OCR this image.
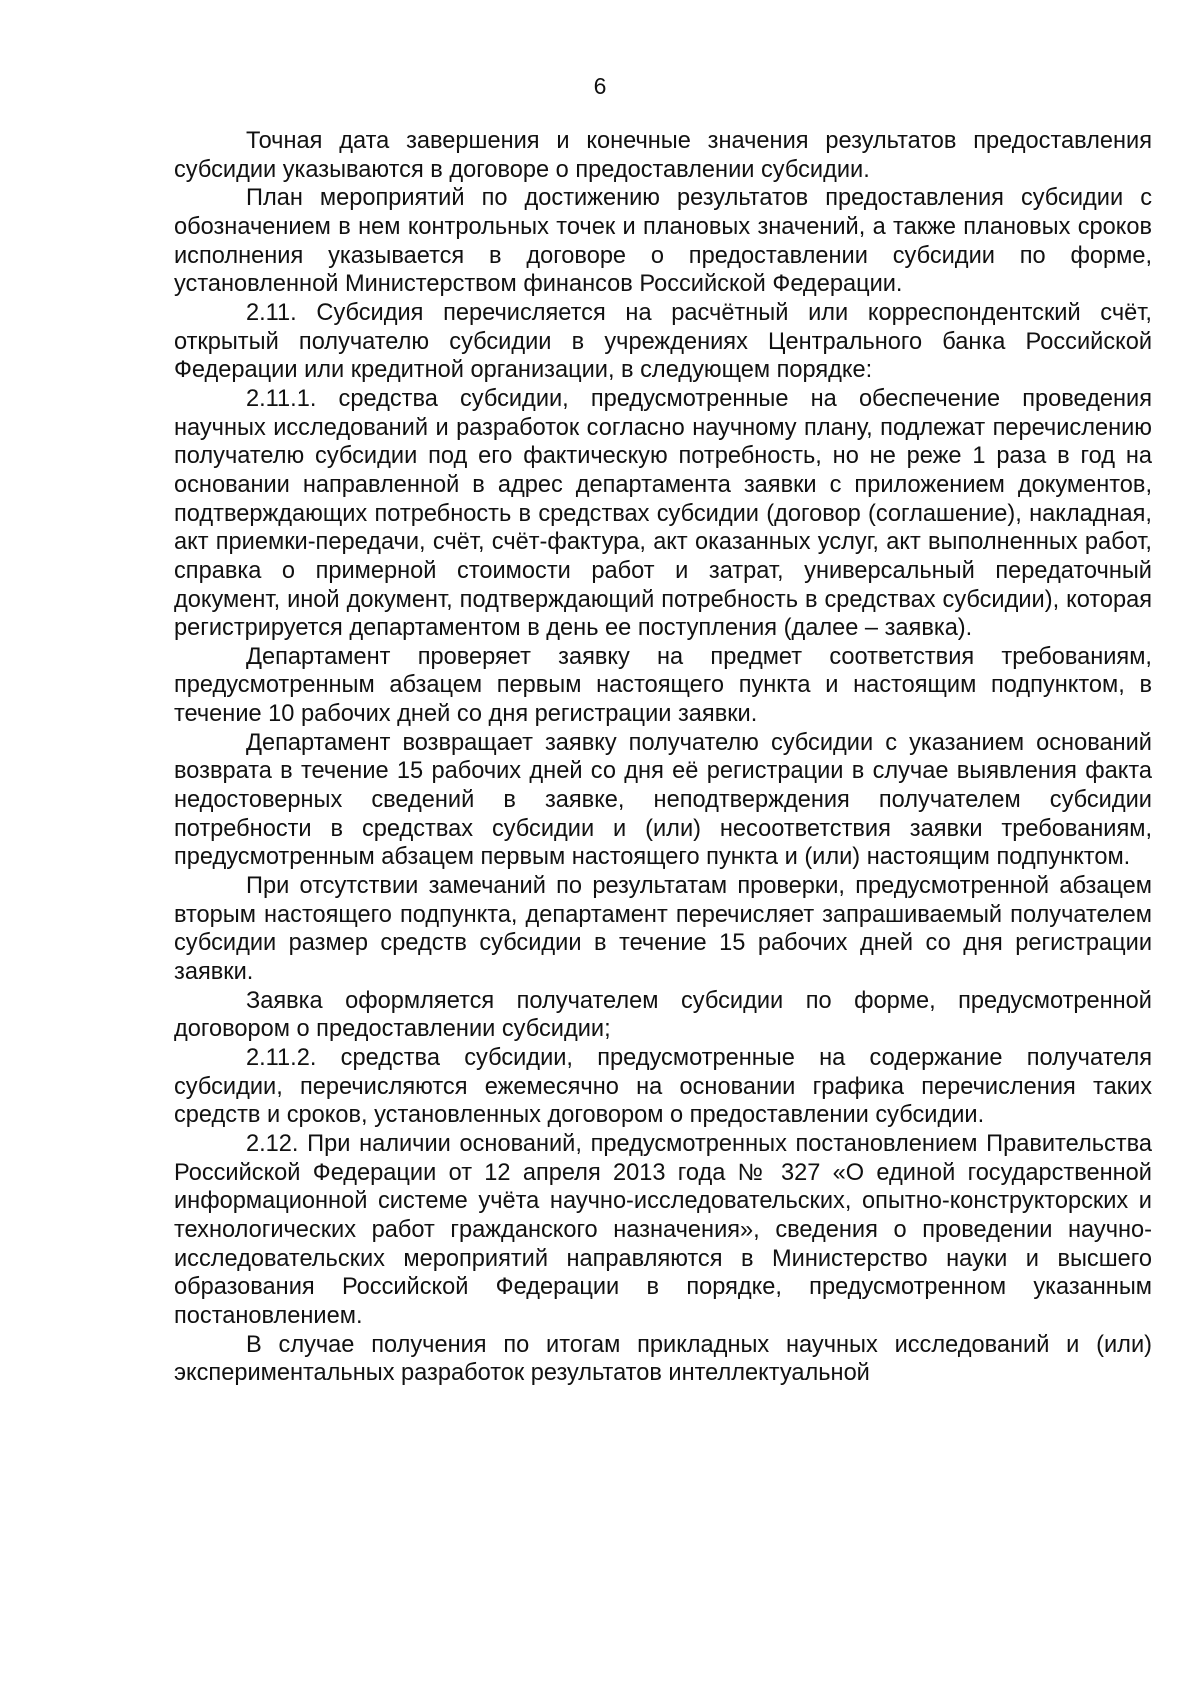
6

Точная дата завершения и конечные значения результатов предоставления субсидии указываются в договоре о предоставлении субсидии.

План мероприятий по достижению результатов предоставления субсидии с обозначением в нем контрольных точек и плановых значений, а также плановых сроков исполнения указывается в договоре о предоставлении субсидии по форме, установленной Министерством финансов Российской Федерации.

2.11. Субсидия перечисляется на расчётный или корреспондентский счёт, открытый получателю субсидии в учреждениях Центрального банка Российской Федерации или кредитной организации, в следующем порядке:

2.11.1. средства субсидии, предусмотренные на обеспечение проведения научных исследований и разработок согласно научному плану, подлежат перечислению получателю субсидии под его фактическую потребность, но не реже 1 раза в год на основании направленной в адрес департамента заявки с приложением документов, подтверждающих потребность в средствах субсидии (договор (соглашение), накладная, акт приемки-передачи, счёт, счёт-фактура, акт оказанных услуг, акт выполненных работ, справка о примерной стоимости работ и затрат, универсальный передаточный документ, иной документ, подтверждающий потребность в средствах субсидии), которая регистрируется департаментом в день ее поступления (далее – заявка).

Департамент проверяет заявку на предмет соответствия требованиям, предусмотренным абзацем первым настоящего пункта и настоящим подпунктом, в течение 10 рабочих дней со дня регистрации заявки.

Департамент возвращает заявку получателю субсидии с указанием оснований возврата в течение 15 рабочих дней со дня её регистрации в случае выявления факта недостоверных сведений в заявке, неподтверждения получателем субсидии потребности в средствах субсидии и (или) несоответствия заявки требованиям, предусмотренным абзацем первым настоящего пункта и (или) настоящим подпунктом.

При отсутствии замечаний по результатам проверки, предусмотренной абзацем вторым настоящего подпункта, департамент перечисляет запрашиваемый получателем субсидии размер средств субсидии в течение 15 рабочих дней со дня регистрации заявки.

Заявка оформляется получателем субсидии по форме, предусмотренной договором о предоставлении субсидии;

2.11.2. средства субсидии, предусмотренные на содержание получателя субсидии, перечисляются ежемесячно на основании графика перечисления таких средств и сроков, установленных договором о предоставлении субсидии.

2.12. При наличии оснований, предусмотренных постановлением Правительства Российской Федерации от 12 апреля 2013 года № 327 «О единой государственной информационной системе учёта научно-исследовательских, опытно-конструкторских и технологических работ гражданского назначения», сведения о проведении научно-исследовательских мероприятий направляются в Министерство науки и высшего образования Российской Федерации в порядке, предусмотренном указанным постановлением.

В случае получения по итогам прикладных научных исследований и (или) экспериментальных разработок результатов интеллектуальной
